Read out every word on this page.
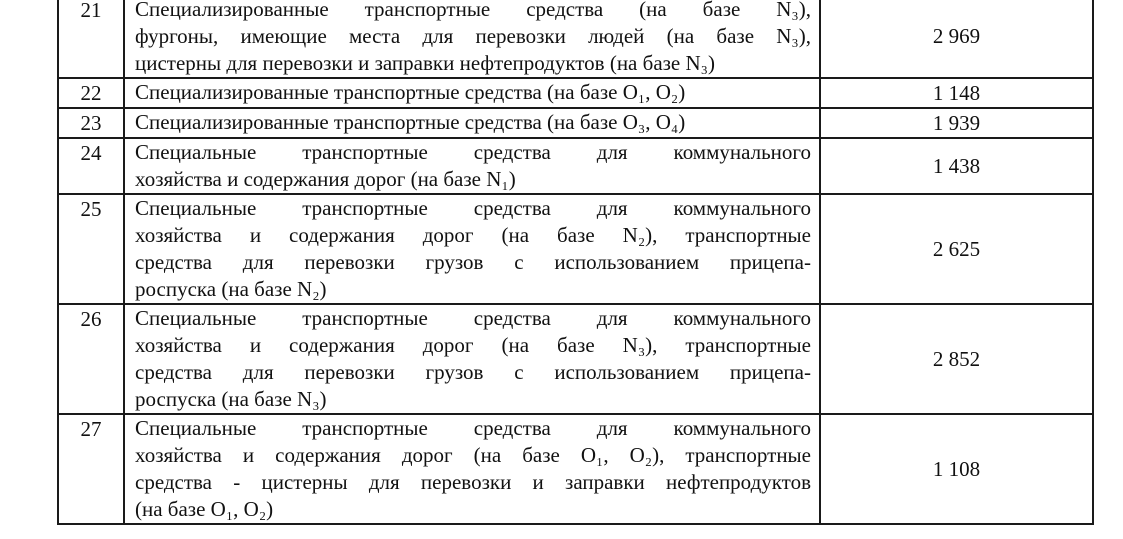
21	Специализированные транспортные средства (на базе N₃),
фургоны, имеющие места для перевозки людей (на базе N₃),
цистерны для перевозки и заправки нефтепродуктов (на базе N₃)	2 969

22	Специализированные транспортные средства (на базе O₁, O₂)	1 148

23	Специализированные транспортные средства (на базе O₃, O₄)	1 939

24	Специальные транспортные средства для коммунального
хозяйства и содержания дорог (на базе N₁)	1 438

25	Специальные транспортные средства для коммунального
хозяйства и содержания дорог (на базе N₂), транспортные
средства для перевозки грузов с использованием прицепа-
роспуска (на базе N₂)	2 625

26	Специальные транспортные средства для коммунального
хозяйства и содержания дорог (на базе N₃), транспортные
средства для перевозки грузов с использованием прицепа-
роспуска (на базе N₃)	2 852

27	Специальные транспортные средства для коммунального
хозяйства и содержания дорог (на базе O₁, O₂), транспортные
средства - цистерны для перевозки и заправки нефтепродуктов
(на базе O₁, O₂)	1 108
